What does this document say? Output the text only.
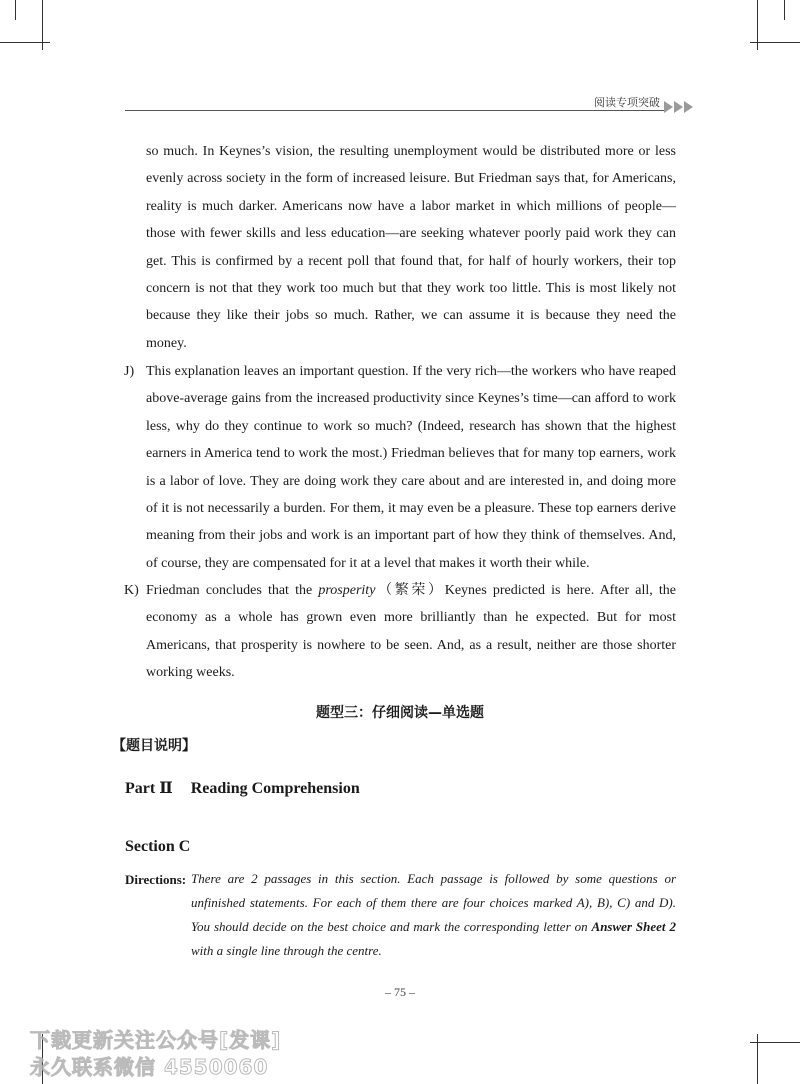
阅读专项突破

so much. In Keynes’s vision, the resulting unemployment would be distributed more or less evenly across society in the form of increased leisure. But Friedman says that, for Americans, reality is much darker. Americans now have a labor market in which millions of people—those with fewer skills and less education—are seeking whatever poorly paid work they can get. This is confirmed by a recent poll that found that, for half of hourly workers, their top concern is not that they work too much but that they work too little. This is most likely not because they like their jobs so much. Rather, we can assume it is because they need the money.

J) This explanation leaves an important question. If the very rich—the workers who have reaped above-average gains from the increased productivity since Keynes’s time—can afford to work less, why do they continue to work so much? (Indeed, research has shown that the highest earners in America tend to work the most.) Friedman believes that for many top earners, work is a labor of love. They are doing work they care about and are interested in, and doing more of it is not necessarily a burden. For them, it may even be a pleasure. These top earners derive meaning from their jobs and work is an important part of how they think of themselves. And, of course, they are compensated for it at a level that makes it worth their while.

K) Friedman concludes that the prosperity（繁荣）Keynes predicted is here. After all, the economy as a whole has grown even more brilliantly than he expected. But for most Americans, that prosperity is nowhere to be seen. And, as a result, neither are those shorter working weeks.

题型三：仔细阅读—单选题
【题目说明】
Part Ⅱ Reading Comprehension
Section C
Directions: There are 2 passages in this section. Each passage is followed by some questions or unfinished statements. For each of them there are four choices marked A), B), C) and D). You should decide on the best choice and mark the corresponding letter on Answer Sheet 2 with a single line through the centre.

– 75 –
下载更新关注公众号[发课]
永久联系微信 4550060
